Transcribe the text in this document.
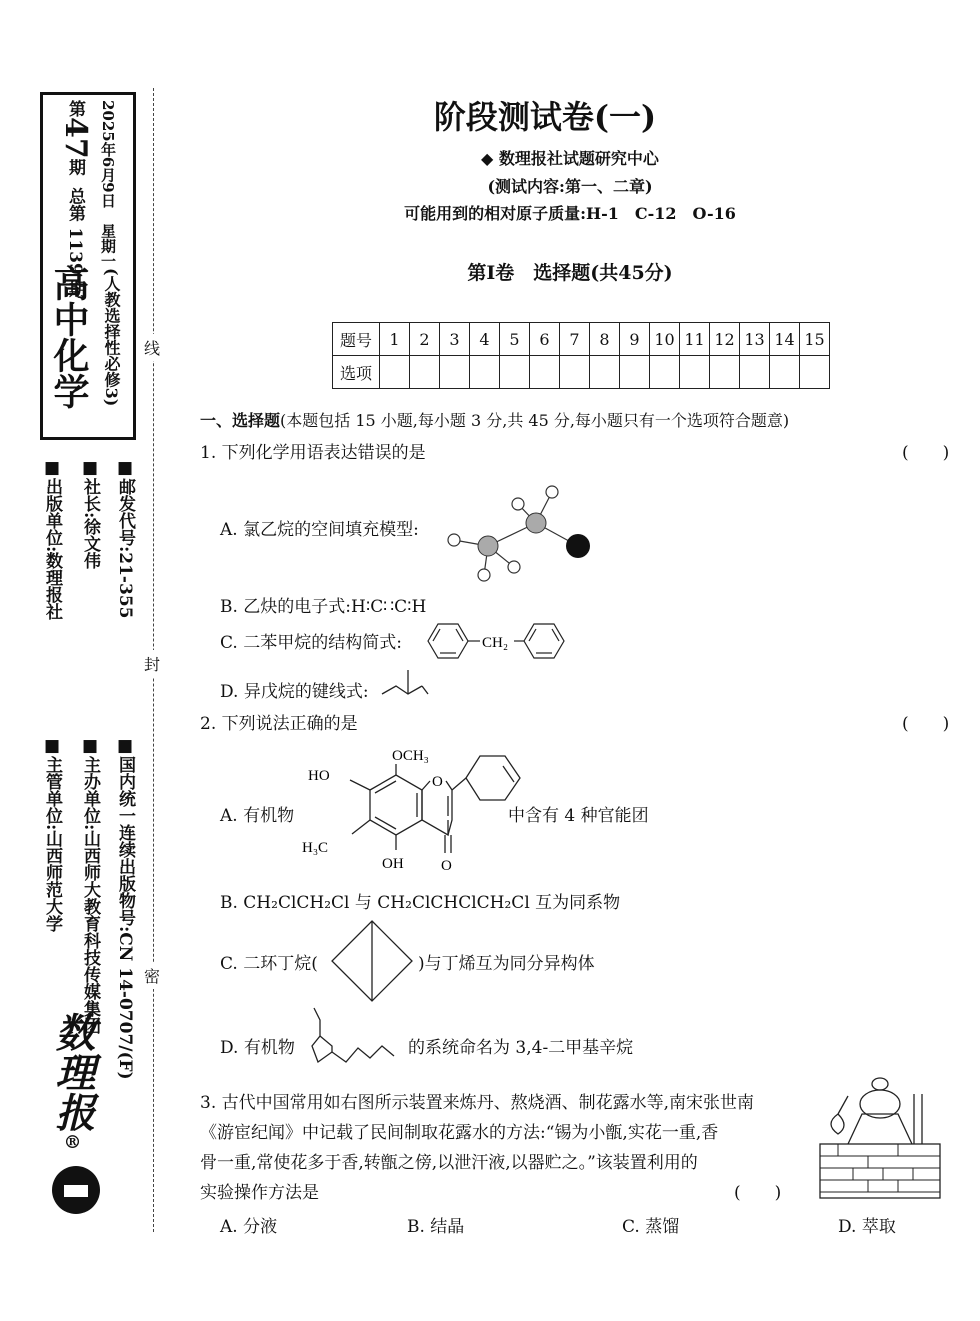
高中化学 (人教选择性必修3)
第47期  总第 1139 期
2025年6月9日   星期一
■出版单位:数理报社 ■社长:徐文伟 ■邮发代号:21-355
■主管单位:山西师范大学 ■主办单位:山西师大教育科技传媒集团 ■国内统一连续出版物号:CN 14-0707/(F)
数理报®
线
封
密
阶段测试卷(一)
◆ 数理报社试题研究中心
(测试内容:第一、二章)
可能用到的相对原子质量:H-1　C-12　O-16
第Ⅰ卷　选择题(共45分)
题号	1	2	3	4	5	6	7	8	9	10	11	12	13	14	15
选项															
一、选择题(本题包括 15 小题,每小题 3 分,共 45 分,每小题只有一个选项符合题意)
1. 下列化学用语表达错误的是	(　　)
A. 氯乙烷的空间填充模型:
B. 乙炔的电子式:H∶C∷C∶H
C. 二苯甲烷的结构简式:	CH₂
D. 异戊烷的键线式:
2. 下列说法正确的是	(　　)
A. 有机物
OCH₃
HO	O
H₃C
OH O
中含有 4 种官能团
B. CH₂ClCH₂Cl 与 CH₂ClCHClCH₂Cl 互为同系物
C. 二环丁烷(	)与丁烯互为同分异构体
D. 有机物	的系统命名为 3,4-二甲基辛烷
3. 古代中国常用如右图所示装置来炼丹、熬烧酒、制花露水等,南宋张世南
《游宦纪闻》中记载了民间制取花露水的方法:“锡为小甑,实花一重,香
骨一重,常使花多于香,转甑之傍,以泄汗液,以器贮之。”该装置利用的
实验操作方法是	(　　)
A. 分液	B. 结晶	C. 蒸馏	D. 萃取
